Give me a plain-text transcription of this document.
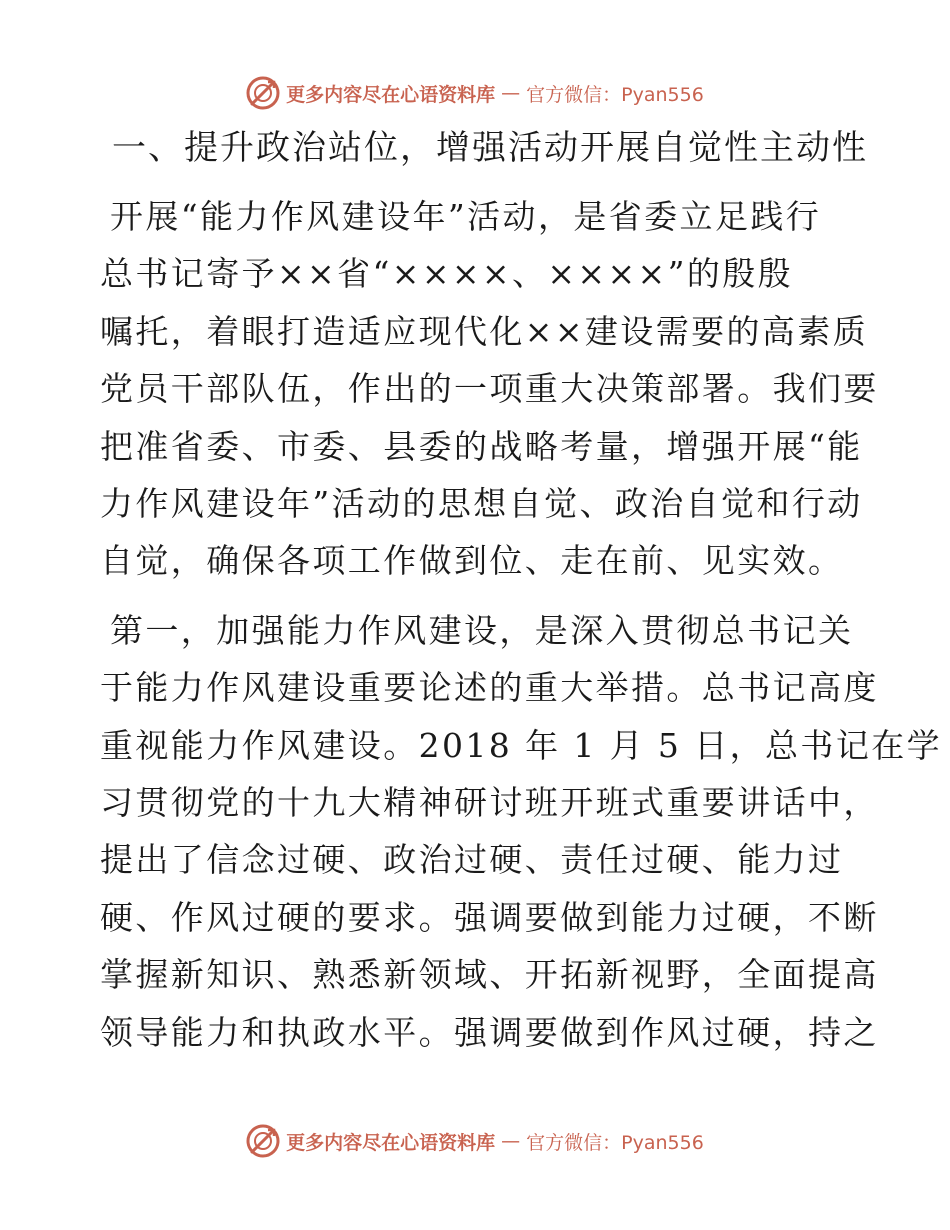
更多内容尽在心语资料库 — 官方微信：Pyan556
一、提升政治站位，增强活动开展自觉性主动性
开展“能力作风建设年”活动，是省委立足践行
总书记寄予××省“××××、××××”的殷殷
嘱托，着眼打造适应现代化××建设需要的高素质
党员干部队伍，作出的一项重大决策部署。我们要
把准省委、市委、县委的战略考量，增强开展“能
力作风建设年”活动的思想自觉、政治自觉和行动
自觉，确保各项工作做到位、走在前、见实效。
第一，加强能力作风建设，是深入贯彻总书记关
于能力作风建设重要论述的重大举措。总书记高度
重视能力作风建设。2018 年 1 月 5 日，总书记在学
习贯彻党的十九大精神研讨班开班式重要讲话中，
提出了信念过硬、政治过硬、责任过硬、能力过
硬、作风过硬的要求。强调要做到能力过硬，不断
掌握新知识、熟悉新领域、开拓新视野，全面提高
领导能力和执政水平。强调要做到作风过硬，持之
更多内容尽在心语资料库 — 官方微信：Pyan556
